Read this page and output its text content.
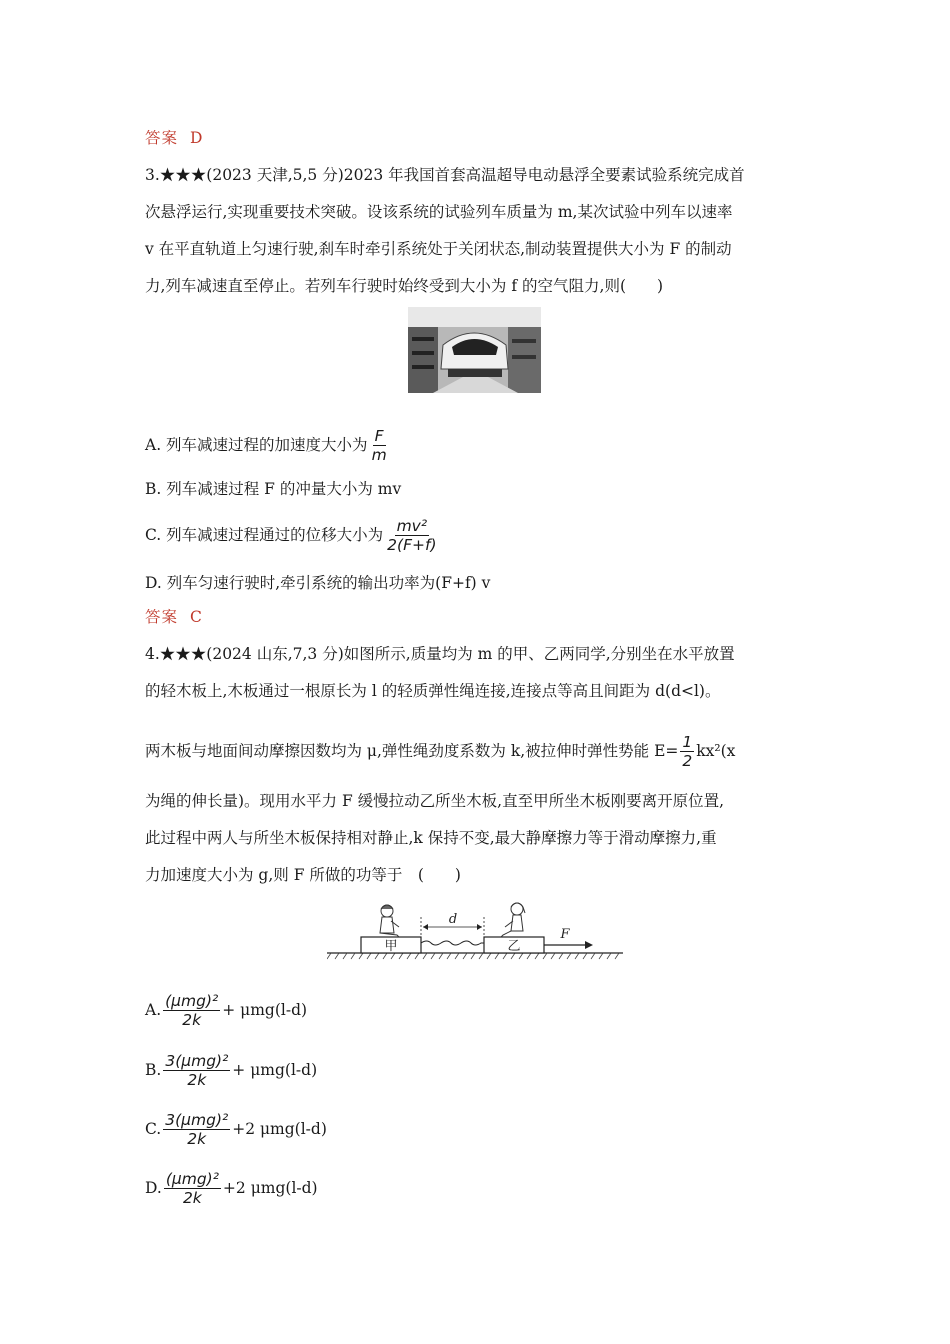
答案 D
3.★★★(2023 天津,5,5 分)2023 年我国首套高温超导电动悬浮全要素试验系统完成首
次悬浮运行,实现重要技术突破。设该系统的试验列车质量为 m,某次试验中列车以速率
v 在平直轨道上匀速行驶,刹车时牵引系统处于关闭状态,制动装置提供大小为 F 的制动
力,列车减速直至停止。若列车行驶时始终受到大小为 f 的空气阻力,则(　　)
A. 列车减速过程的加速度大小为 $\frac{F}{m}$
B. 列车减速过程 F 的冲量大小为 mv
C. 列车减速过程通过的位移大小为 $\frac{\text{mv²}}{2(F+f)}$
D. 列车匀速行驶时,牵引系统的输出功率为(F+f) v
答案 C
4.★★★(2024 山东,7,3 分)如图所示,质量均为 m 的甲、乙两同学,分别坐在水平放置
的轻木板上,木板通过一根原长为 l 的轻质弹性绳连接,连接点等高且间距为 d(d<l)。
两木板与地面间动摩擦因数均为 μ,弹性绳劲度系数为 k,被拉伸时弹性势能 $E= \frac{1}{2} kx^2(x$
为绳的伸长量)。现用水平力 F 缓慢拉动乙所坐木板,直至甲所坐木板刚要离开原位置,
此过程中两人与所坐木板保持相对静止,k 保持不变,最大静摩擦力等于滑动摩擦力,重
力加速度大小为 g,则 F 所做的功等于　(　　)
甲	乙
d
F
A. $\frac{\text{(μmg)²}}{2k} + \mu mg(l-d)$
B. $\frac{\text{3(μmg)²}}{2k} + \mu mg(l-d)$
C. $\frac{\text{3(μmg)²}}{2k} +2$ μmg(l-d)
D. $\frac{\text{(μmg)²}}{2k} +2$ μmg(l-d)
